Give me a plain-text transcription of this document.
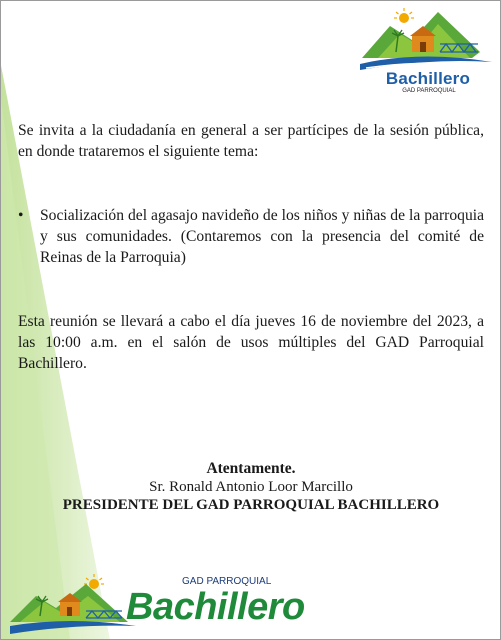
Bachillero
GAD PARROQUIAL

Se invita a la ciudadanía en general a ser partícipes de la sesión pública, en donde trataremos el siguiente tema:

• Socialización del agasajo navideño de los niños y niñas de la parroquia y sus comunidades. (Contaremos con la presencia del comité de Reinas de la Parroquia)

Esta reunión se llevará a cabo el día jueves 16 de noviembre del 2023, a las 10:00 a.m. en el salón de usos múltiples del GAD Parroquial Bachillero.

Atentamente.
Sr. Ronald Antonio Loor Marcillo
PRESIDENTE DEL GAD PARROQUIAL BACHILLERO
GAD PARROQUIAL
Bachillero
